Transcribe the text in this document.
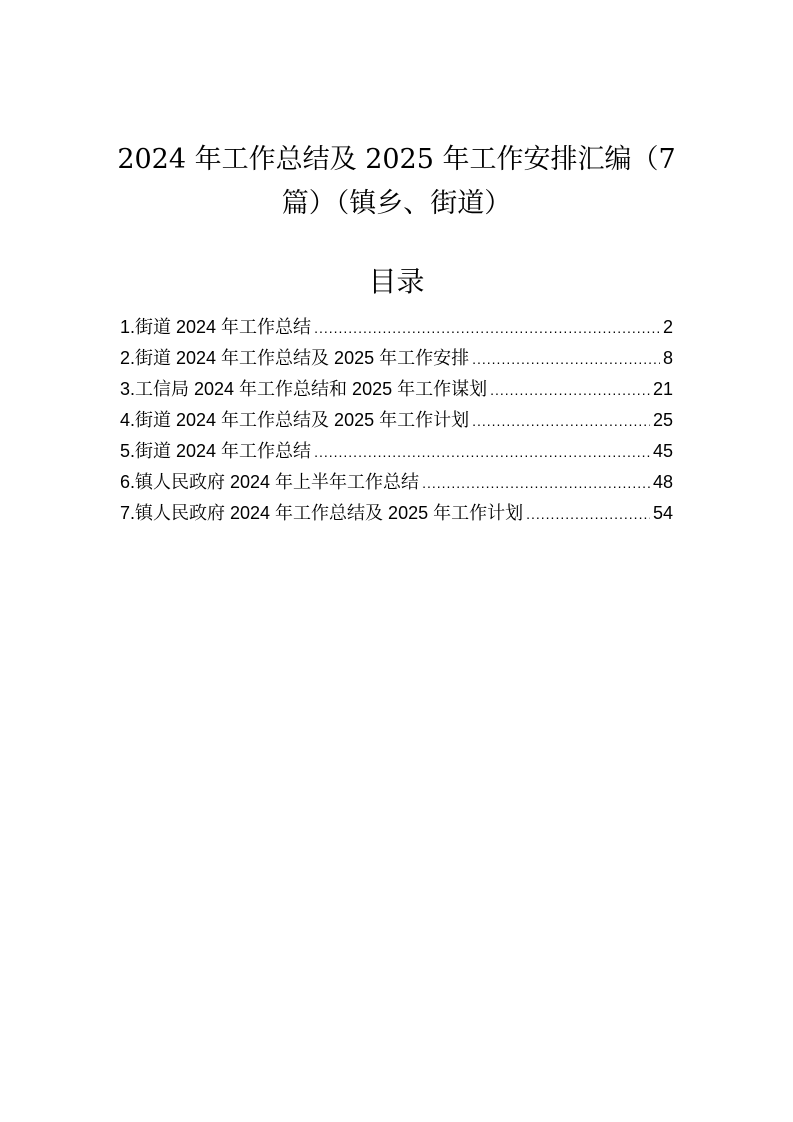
2024 年工作总结及 2025 年工作安排汇编（7
篇）（镇乡、街道）
目录
1.街道 2024 年工作总结 .....	2
2.街道 2024 年工作总结及 2025 年工作安排 .....	8
3.工信局 2024 年工作总结和 2025 年工作谋划 .....	21
4.街道 2024 年工作总结及 2025 年工作计划 .....	25
5.街道 2024 年工作总结 .....	45
6.镇人民政府 2024 年上半年工作总结 .....	48
7.镇人民政府 2024 年工作总结及 2025 年工作计划 .....	54
